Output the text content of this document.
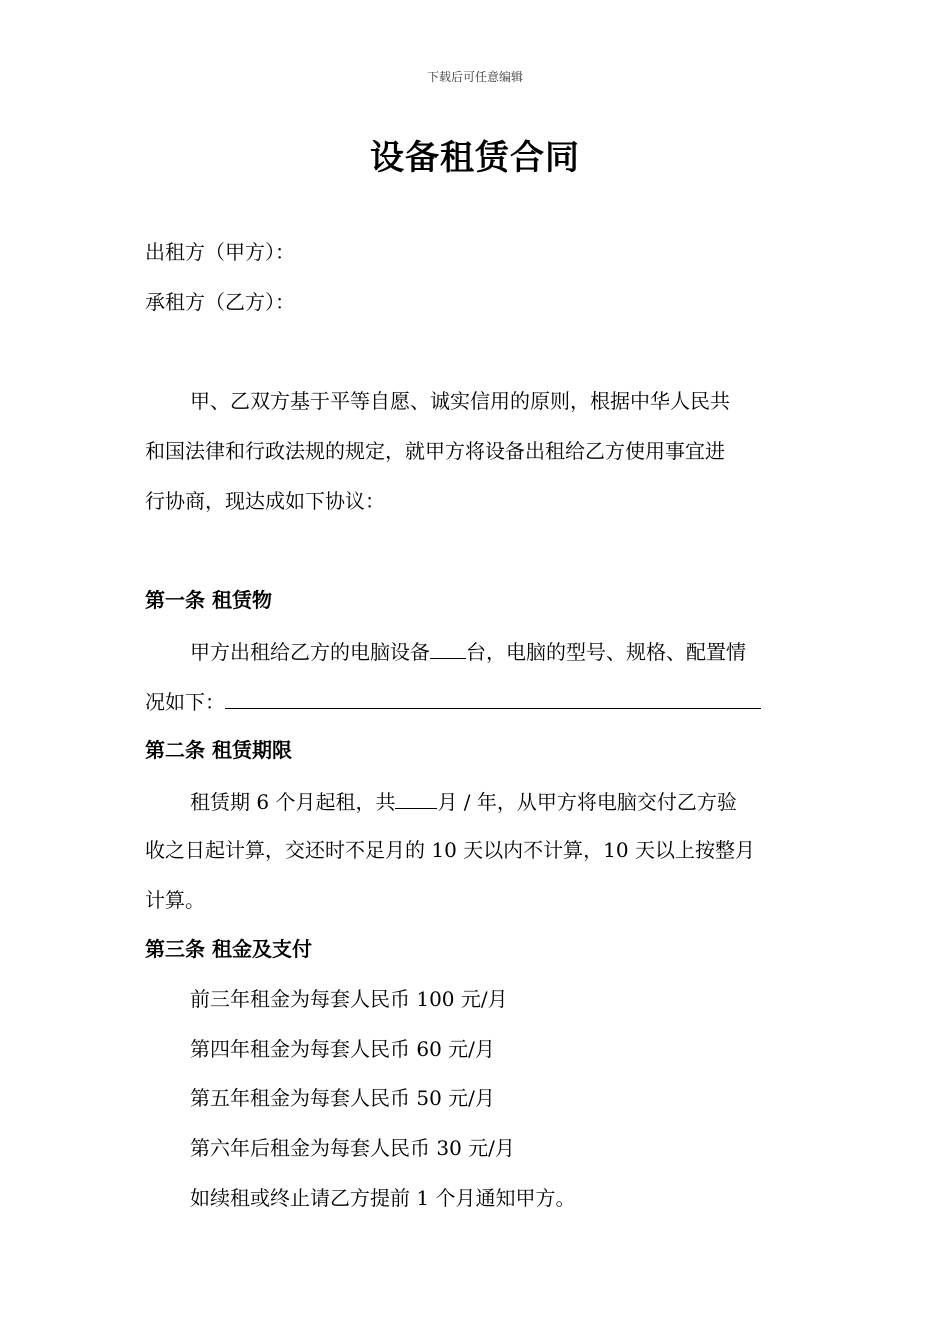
下载后可任意编辑
设备租赁合同
出租方（甲方）：
承租方（乙方）：
甲、乙双方基于平等自愿、诚实信用的原则，根据中华人民共
和国法律和行政法规的规定，就甲方将设备出租给乙方使用事宜进
行协商，现达成如下协议：
第一条 租赁物
甲方出租给乙方的电脑设备 台，电脑的型号、规格、配置情
况如下：
第二条 租赁期限
租赁期 6 个月起租，共 月 / 年，从甲方将电脑交付乙方验
收之日起计算，交还时不足月的 10 天以内不计算，10 天以上按整月
计算。
第三条 租金及支付
前三年租金为每套人民币 100 元/月
第四年租金为每套人民币 60 元/月
第五年租金为每套人民币 50 元/月
第六年后租金为每套人民币 30 元/月
如续租或终止请乙方提前 1 个月通知甲方。
